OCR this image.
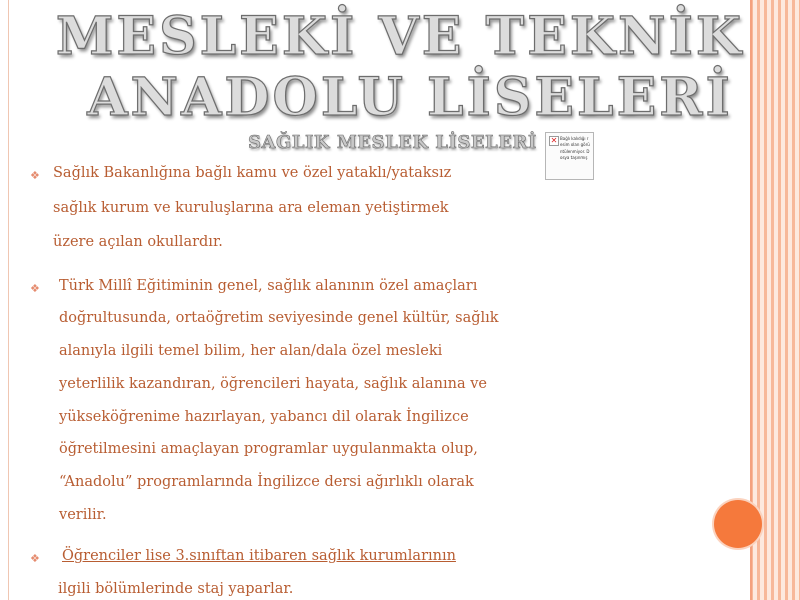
MESLEKİ VE TEKNİK
ANADOLU LİSELERİ
SAĞLIK MESLEK LİSELERİ ✕ Bağlı kalıdığı resim olan görüntülenmiyor. Dosya taşınmış
❖ Sağlık Bakanlığına bağlı kamu ve özel yataklı/yataksız
sağlık kurum ve kuruluşlarına ara eleman yetiştirmek
üzere açılan okullardır.
❖ Türk Millî Eğitiminin genel, sağlık alanının özel amaçları
doğrultusunda, ortaöğretim seviyesinde genel kültür, sağlık
alanıyla ilgili temel bilim, her alan/dala özel mesleki
yeterlilik kazandıran, öğrencileri hayata, sağlık alanına ve
yükseköğrenime hazırlayan, yabancı dil olarak İngilizce
öğretilmesini amaçlayan programlar uygulanmakta olup,
“Anadolu” programlarında İngilizce dersi ağırlıklı olarak
verilir.
❖ Öğrenciler lise 3.sınıftan itibaren sağlık kurumlarının
ilgili bölümlerinde staj yaparlar.
